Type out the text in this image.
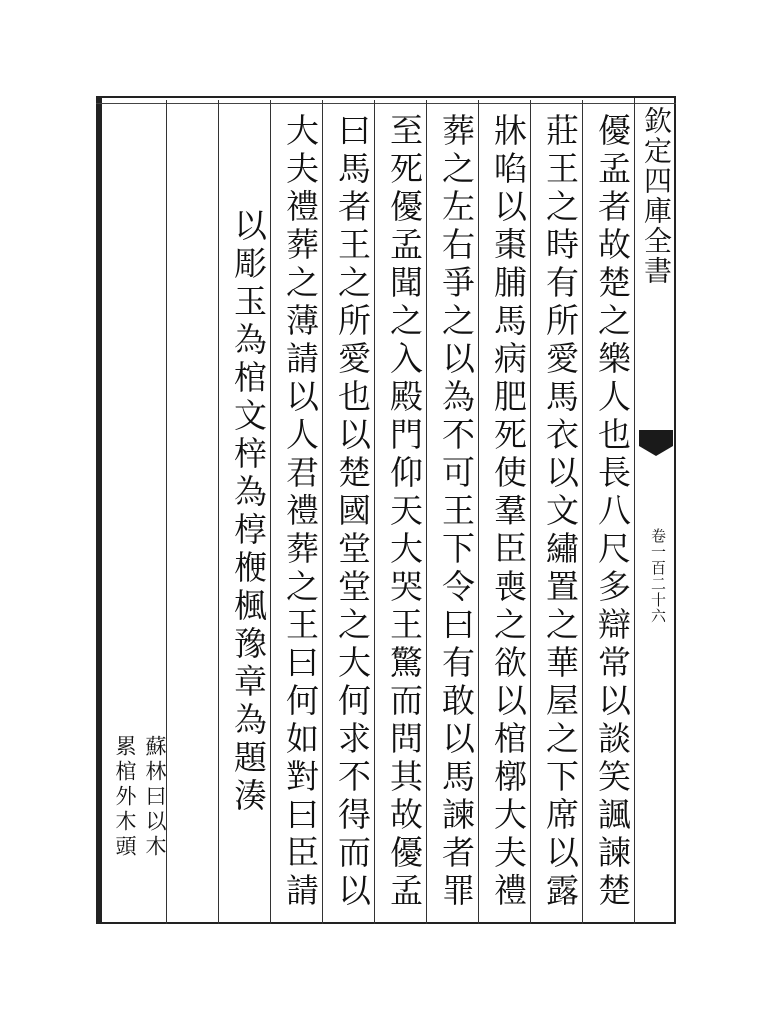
欽定四庫全書
卷一百二十六
優孟者故楚之樂人也長八尺多辯常以談笑諷諫楚
莊王之時有所愛馬衣以文繡置之華屋之下席以露
牀啗以棗脯馬病肥死使羣臣喪之欲以棺槨大夫禮
葬之左右爭之以為不可王下令曰有敢以馬諫者罪
至死優孟聞之入殿門仰天大哭王驚而問其故優孟
曰馬者王之所愛也以楚國堂堂之大何求不得而以
大夫禮葬之薄請以人君禮葬之王曰何如對曰臣請
以彫玉為棺文梓為椁楩楓豫章為題湊
蘇林曰以木
累棺外木頭
